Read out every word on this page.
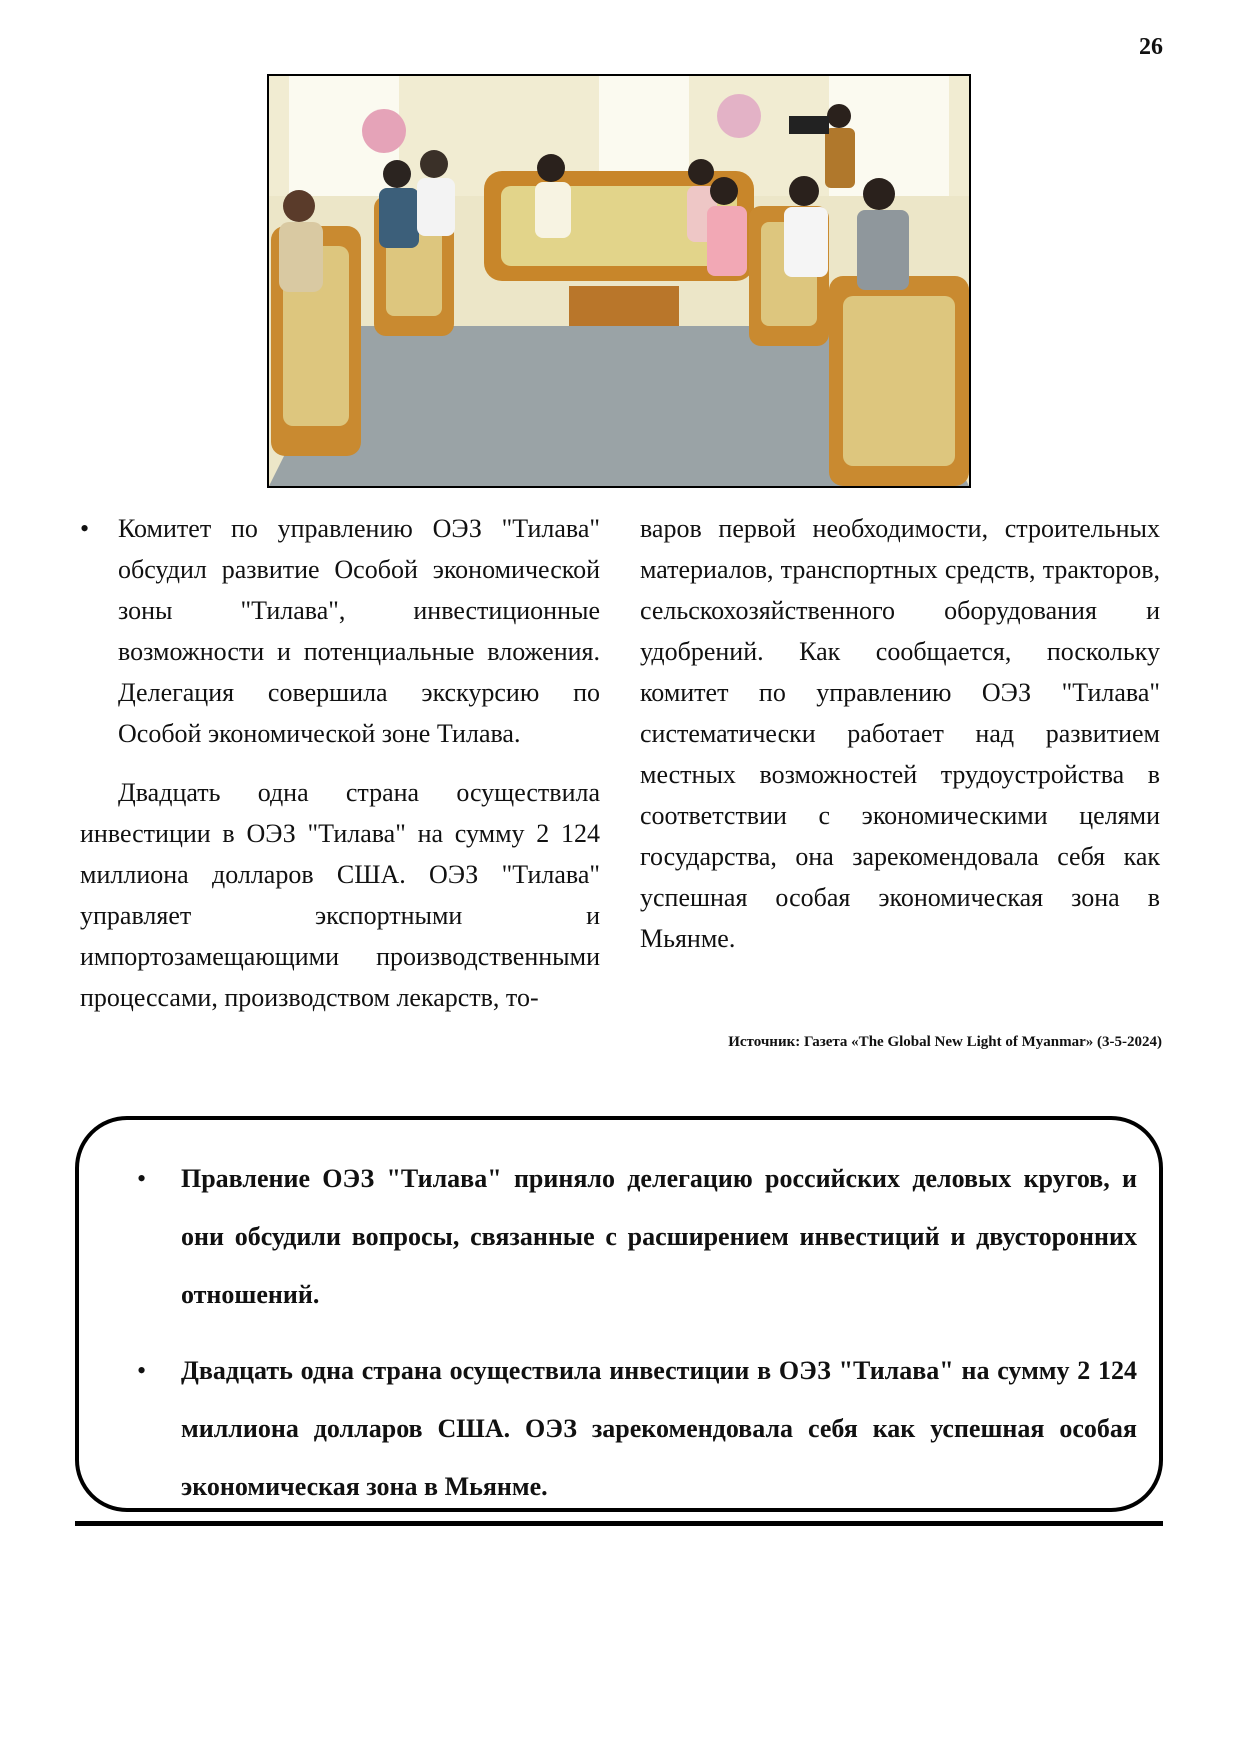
26

• Комитет по управлению ОЭЗ "Тилава" обсудил развитие Особой экономической зоны "Тилава", инвестиционные возможности и потенциальные вложения. Делегация совершила экскурсию по Особой экономической зоне Тилава.

Двадцать одна страна осуществила инвестиции в ОЭЗ "Тилава" на сумму 2 124 миллиона долларов США. ОЭЗ "Тилава" управляет экспортными и импортозамещающими производственными процессами, производством лекарств, то-

варов первой необходимости, строительных материалов, транспортных средств, тракторов, сельскохозяйственного оборудования и удобрений. Как сообщается, поскольку комитет по управлению ОЭЗ "Тилава" систематически работает над развитием местных возможностей трудоустройства в соответствии с экономическими целями государства, она зарекомендовала себя как успешная особая экономическая зона в Мьянме.

Источник: Газета «The Global New Light of Myanmar» (3-5-2024)
• Правление ОЭЗ "Тилава" приняло делегацию российских деловых кругов, и они обсудили вопросы, связанные с расширением инвестиций и двусторонних отношений.
• Двадцать одна страна осуществила инвестиции в ОЭЗ "Тилава" на сумму 2 124 миллиона долларов США. ОЭЗ зарекомендовала себя как успешная особая экономическая зона в Мьянме.
